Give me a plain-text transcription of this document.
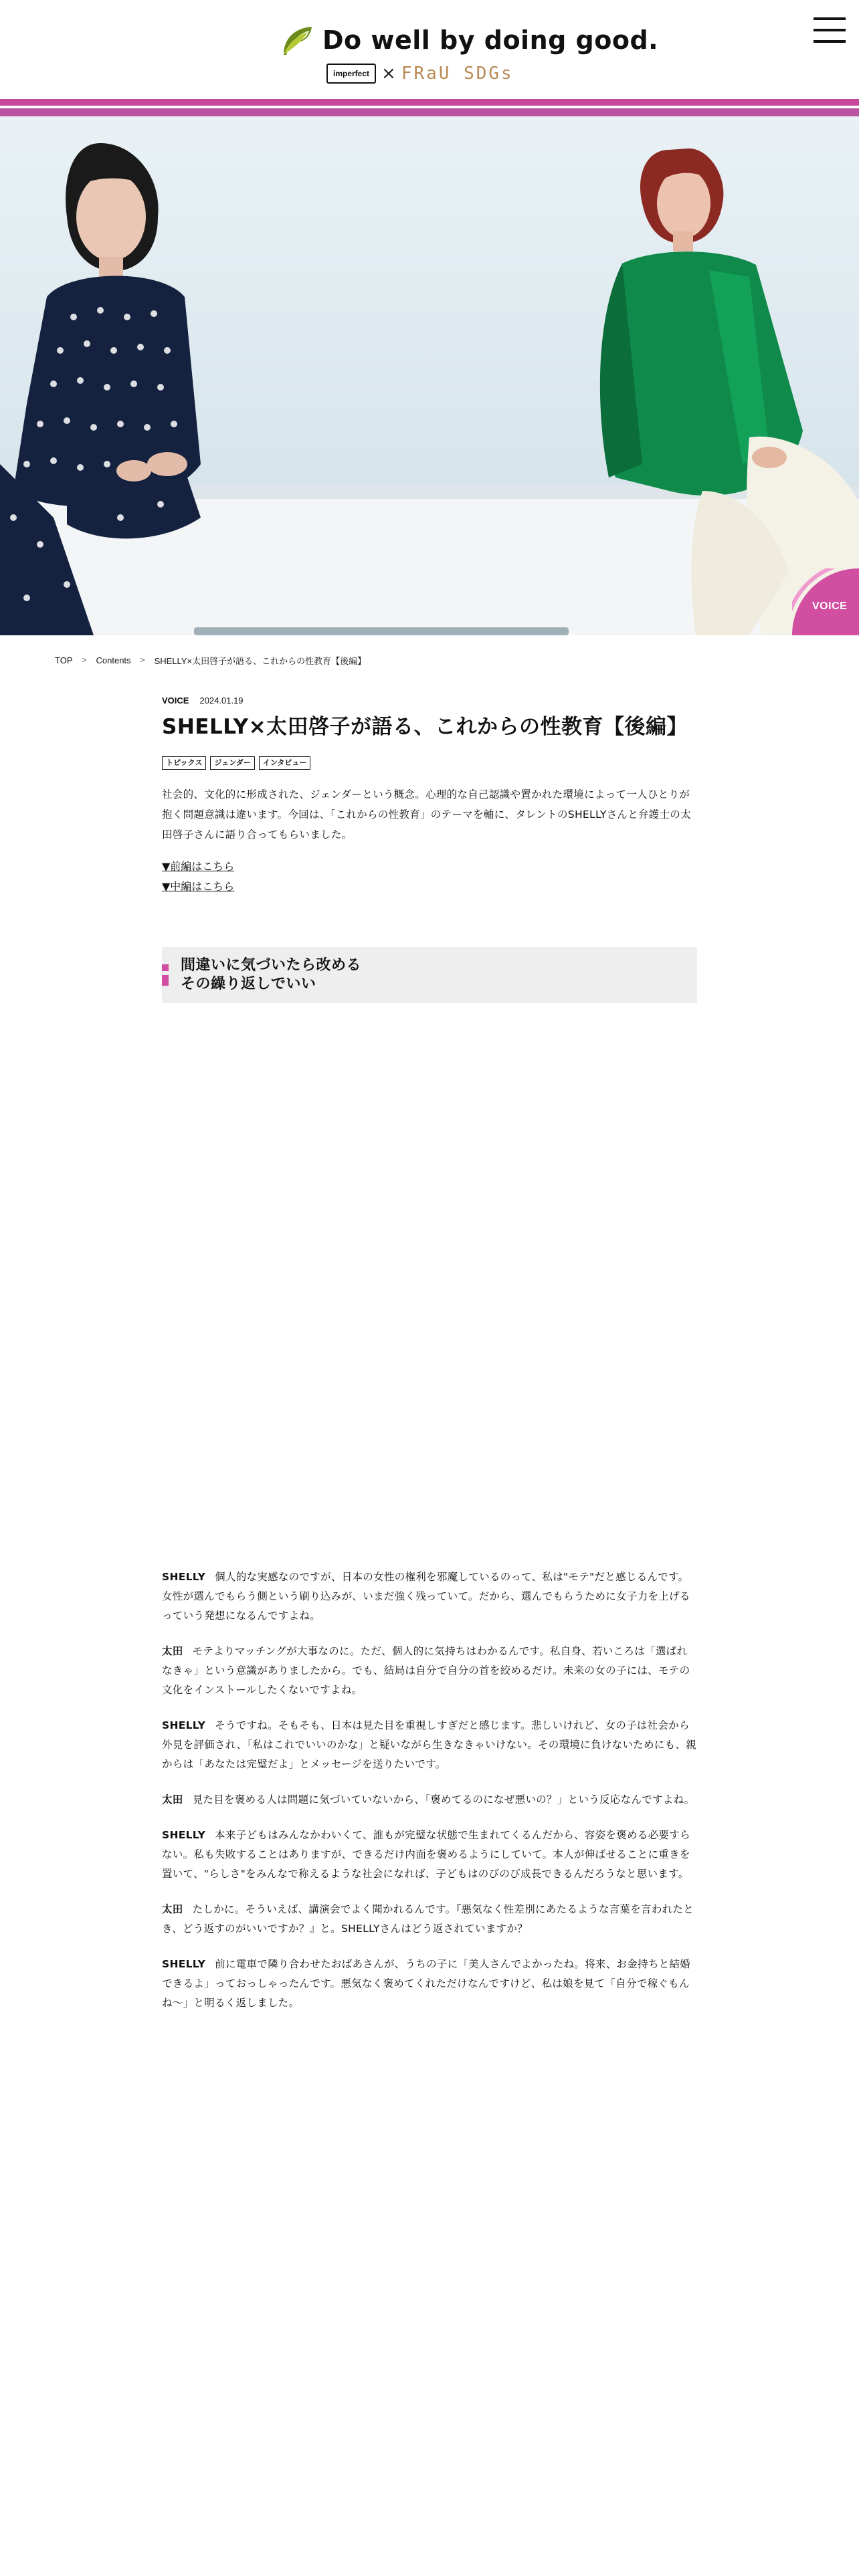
Do well by doing good.
imperfect × FRaU SDGs
VOICE
TOP > Contents > SHELLY×太田啓子が語る、これからの性教育【後編】
VOICE 2024.01.19
SHELLY×太田啓子が語る、これからの性教育【後編】
トピックス	ジェンダー	インタビュー

社会的、文化的に形成された、ジェンダーという概念。心理的な自己認識や置かれた環境によって一人ひとりが抱く問題意識は違います。今回は、「これからの性教育」のテーマを軸に、タレントのSHELLYさんと弁護士の太田啓子さんに語り合ってもらいました。

▼前編はこちら
▼中編はこちら
間違いに気づいたら改める
その繰り返しでいい

SHELLY 個人的な実感なのですが、日本の女性の権利を邪魔しているのって、私は"モテ"だと感じるんです。女性が選んでもらう側という刷り込みが、いまだ強く残っていて。だから、選んでもらうために女子力を上げるっていう発想になるんですよね。

太田 モテよりマッチングが大事なのに。ただ、個人的に気持ちはわかるんです。私自身、若いころは「選ばれなきゃ」という意識がありましたから。でも、結局は自分で自分の首を絞めるだけ。未来の女の子には、モテの文化をインストールしたくないですよね。

SHELLY そうですね。そもそも、日本は見た目を重視しすぎだと感じます。悲しいけれど、女の子は社会から外見を評価され、「私はこれでいいのかな」と疑いながら生きなきゃいけない。その環境に負けないためにも、親からは「あなたは完璧だよ」とメッセージを送りたいです。

太田 見た目を褒める人は問題に気づいていないから、「褒めてるのになぜ悪いの？」という反応なんですよね。

SHELLY 本来子どもはみんなかわいくて、誰もが完璧な状態で生まれてくるんだから、容姿を褒める必要すらない。私も失敗することはありますが、できるだけ内面を褒めるようにしていて。本人が伸ばせることに重きを置いて、"らしさ"をみんなで称えるような社会になれば、子どもはのびのび成長できるんだろうなと思います。

太田 たしかに。そういえば、講演会でよく聞かれるんです。『悪気なく性差別にあたるような言葉を言われたとき、どう返すのがいいですか？』と。SHELLYさんはどう返されていますか？

SHELLY 前に電車で隣り合わせたおばあさんが、うちの子に「美人さんでよかったね。将来、お金持ちと結婚できるよ」っておっしゃったんです。悪気なく褒めてくれただけなんですけど、私は娘を見て「自分で稼ぐもんね〜」と明るく返しました。
